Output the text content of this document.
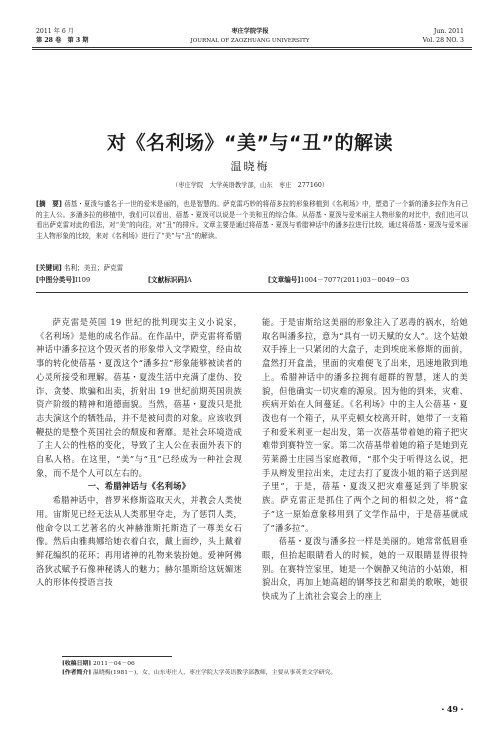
2011 年 6 月
第 28 卷　第 3 期
枣庄学院学报
JOURNAL OF ZAOZHUANG UNIVERSITY
Jun. 2011
Vol. 28 NO. 3
对《名利场》“美”与“丑”的解读
温晓梅
（枣庄学院　大学英语教学部，山东　枣庄　277160）
[摘　要] 蓓基・夏泼与盛名于一世的爱米是丽的，也是智慧的。萨克雷巧妙的将蓓多拉的形象移植到《名利场》中，塑造了一个新的潘多拉作为自己的主人公。多潘多拉的移植中，我们可以看出，蓓基・夏泼可以说是一个美和丑的综合体。从蓓基・夏泼与爱米丽主人物形象的对比中，我们也可以看出萨克雷对此的看法，对“美”的向往，对“丑”的排斥。文章主要是通过将蓓基・夏泼与希腊神话中的潘多拉进行比较，通过将蓓基・夏泼与爱米丽主人物形象的比较，来对《名利场》进行了“美”与“丑”的解读。
[关键词] 名利；美丑；萨克雷
[中图分类号]I109	[文献标识码]A	[文章编号]1004－7077(2011)03－0049－03

萨克雷是英国 19 世纪的批判现实主义小说家，《名利场》是他的成名作品。在作品中，萨克雷将希腊神话中潘多拉这个毁灭者的形象带入文学殿堂，经由故事的转化使蓓基・夏泼这个“潘多拉”形象能够被读者的心灵所接受和理解。蓓基・夏泼生活中充满了虚伪、狡诈、贪婪、欺骗和出卖，折射出 19 世纪前期英国贵族资产阶级的精神和道德面貌。当然，蓓基・夏泼只是批志夫演这个的牺牲品，并不是被问责的对象。应该收到鞭挞的是整个英国社会的颓废和奢靡。是社会环境造成了主人公的性格的变化，导致了主人公在表面外表下的自私人格。在这里，“美”与“丑”已经成为一种社会现象，而不是个人可以左右的。

一、希腊神话与《名利场》

希腊神话中，普罗米修斯盗取天火，并教会人类使用。宙斯见已经无法从人类那里夺走，为了惩罚人类，他命令以工艺著名的火神赫淮斯托斯造了一尊美女石像。然后由雅典娜给她衣着白衣，戴上面纱，头上戴着鲜花编织的花环；再用诸神的礼物来装扮她。爱神阿佛洛狄忒赋予石像神秘诱人的魅力；赫尔墨斯给这妩媚迷人的形体传授语言技

能。于是宙斯给这美丽的形象注入了恶毒的祸水，给她取名叫潘多拉，意为“具有一切天赋的女人”。这个姑娘双手捧上一只紧闭的大盒子，走到埃庇米修斯的面前，盒然打开盒盖，里面的灾难便飞了出来，迅速地散到地上。希腊神话中的潘多拉拥有超群的智慧，迷人的美貌，但他确实一切灾难的源泉。因为他的到来，灾难、疾病开始在人间蔓延。《名利场》中的主人公蓓基・夏泼也有一个箱子，从平克顿女校离开时，她带了一支箱子和爱米利亚一起出发，第一次蓓基带着她的箱子把灾难带到赛特笠一家。第二次蓓基带着她的箱子是她到克劳莱爵士庄园当家庭教师，“那个尖于听得这么说，把手从辫发里拉出来，走过去打了夏泼小姐的箱子送到屋子里”，于是，蓓基・夏泼又把灾难蔓延到了毕脱家族。萨克雷正是抓住了两个之间的相似之处，将“盒子”这一原始意象移用到了文学作品中，于是蓓基就成了“潘多拉”。

蓓基・夏泼与潘多拉一样是美丽的。她常常低眉垂眼，但抬起眼睛看人的时候，她的一双眼睛显得很特别。在赛特笠家里，她是一个娴静又纯洁的小姑娘，相貌出众，再加上她高超的钢琴技艺和甜美的歌喉，她很快成为了上流社会宴会上的座上

[收稿日期] 2011－04－06
[作者简介] 温晓梅(1981－)，女，山东枣庄人，枣庄学院大学英语教学部教师，主要从事英美文学研究。
・49・
